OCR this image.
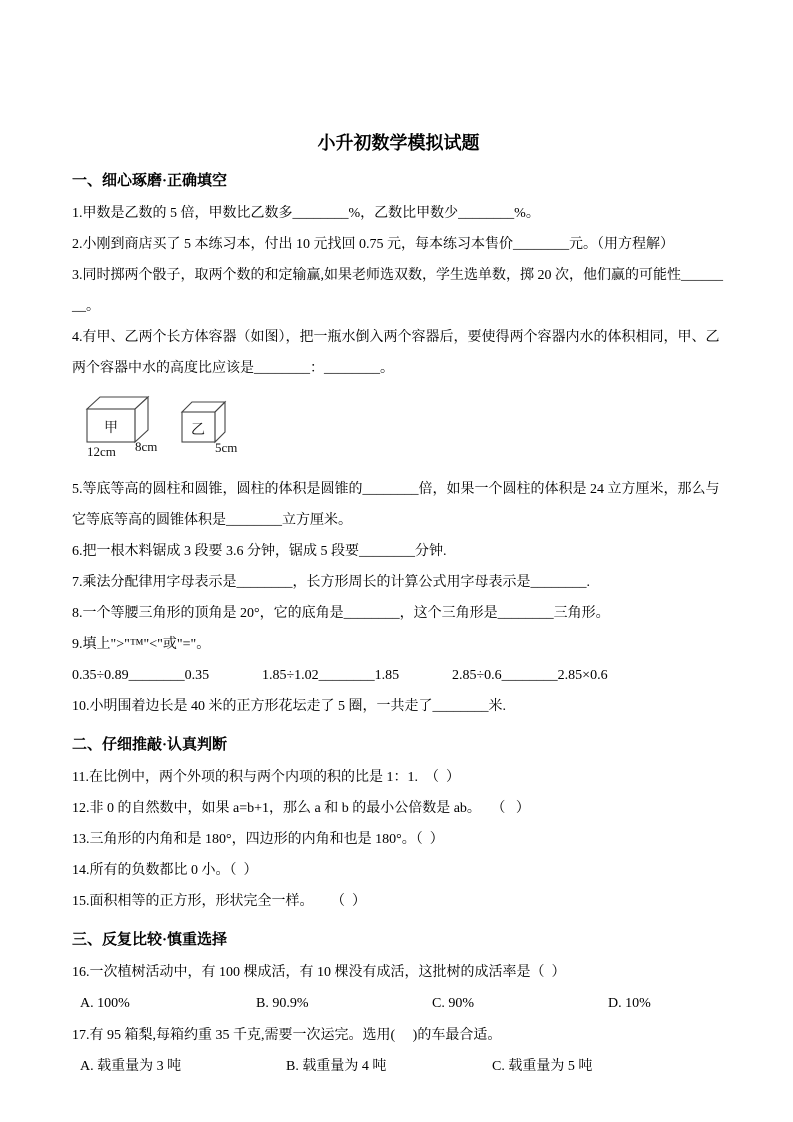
小升初数学模拟试题
一、细心琢磨·正确填空

1.甲数是乙数的 5 倍，甲数比乙数多________%，乙数比甲数少________%。

2.小刚到商店买了 5 本练习本，付出 10 元找回 0.75 元，每本练习本售价________元。（用方程解）

3.同时掷两个骰子，取两个数的和定输赢,如果老师选双数，学生选单数，掷 20 次，他们赢的可能性________。

4.有甲、乙两个长方体容器（如图），把一瓶水倒入两个容器后，要使得两个容器内水的体积相同，甲、乙两个容器中水的高度比应该是________：________。

甲
12cm 8cm
乙
5cm

5.等底等高的圆柱和圆锥，圆柱的体积是圆锥的________倍，如果一个圆柱的体积是 24 立方厘米，那么与它等底等高的圆锥体积是________立方厘米。

6.把一根木料锯成 3 段要 3.6 分钟，锯成 5 段要________分钟.

7.乘法分配律用字母表示是________，长方形周长的计算公式用字母表示是________.

8.一个等腰三角形的顶角是 20°，它的底角是________，这个三角形是________三角形。

9.填上">"™"<"或"="。

0.35÷0.89________0.35	1.85÷1.02________1.85	2.85÷0.6________2.85×0.6

10.小明围着边长是 40 米的正方形花坛走了 5 圈，一共走了________米.

二、仔细推敲·认真判断

11.在比例中，两个外项的积与两个内项的积的比是 1：1.  （  ）

12.非 0 的自然数中，如果 a=b+1，那么 a 和 b 的最小公倍数是 ab。   （   ）

13.三角形的内角和是 180°，四边形的内角和也是 180°。（  ）

14.所有的负数都比 0 小。（  ）

15.面积相等的正方形，形状完全一样。     （  ）

三、反复比较·慎重选择

16.一次植树活动中，有 100 棵成活，有 10 棵没有成活，这批树的成活率是（  ）

A. 100%	B. 90.9%	C. 90%	D. 10%

17.有 95 箱梨,每箱约重 35 千克,需要一次运完。选用(     )的车最合适。

A. 载重量为 3 吨	B. 载重量为 4 吨	C. 载重量为 5 吨
